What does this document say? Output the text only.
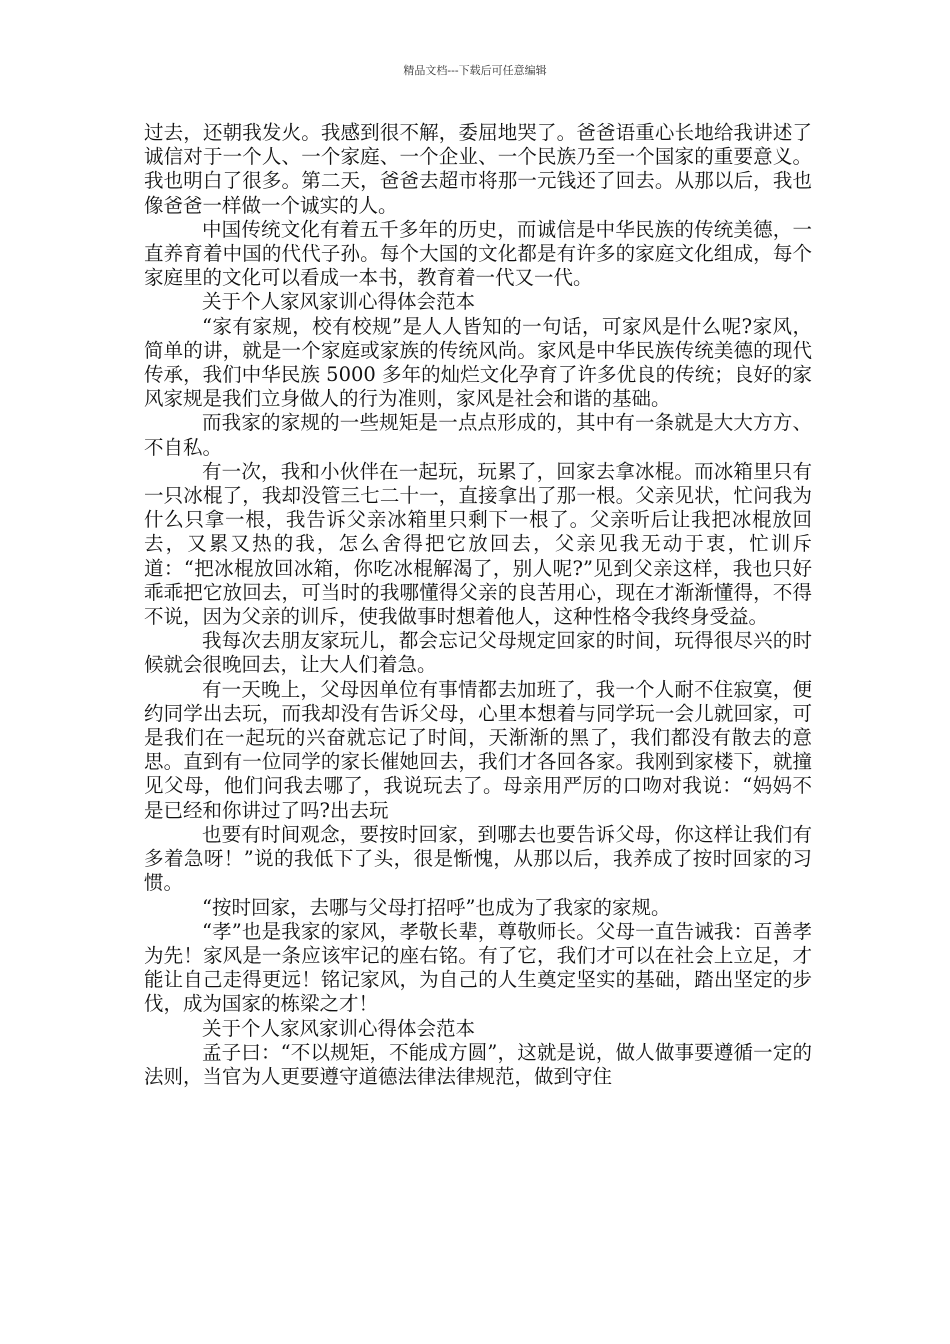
精品文档---下载后可任意编辑

过去，还朝我发火。我感到很不解，委屈地哭了。爸爸语重心长地给我讲述了诚信对于一个人、一个家庭、一个企业、一个民族乃至一个国家的重要意义。我也明白了很多。第二天，爸爸去超市将那一元钱还了回去。从那以后，我也像爸爸一样做一个诚实的人。

中国传统文化有着五千多年的历史，而诚信是中华民族的传统美德，一直养育着中国的代代子孙。每个大国的文化都是有许多的家庭文化组成，每个家庭里的文化可以看成一本书，教育着一代又一代。

关于个人家风家训心得体会范本

“家有家规，校有校规”是人人皆知的一句话，可家风是什么呢?家风，简单的讲，就是一个家庭或家族的传统风尚。家风是中华民族传统美德的现代传承，我们中华民族 5000 多年的灿烂文化孕育了许多优良的传统；良好的家风家规是我们立身做人的行为准则，家风是社会和谐的基础。

而我家的家规的一些规矩是一点点形成的，其中有一条就是大大方方、不自私。

有一次，我和小伙伴在一起玩，玩累了，回家去拿冰棍。而冰箱里只有一只冰棍了，我却没管三七二十一，直接拿出了那一根。父亲见状，忙问我为什么只拿一根，我告诉父亲冰箱里只剩下一根了。父亲听后让我把冰棍放回去，又累又热的我，怎么舍得把它放回去，父亲见我无动于衷，忙训斥道：“把冰棍放回冰箱，你吃冰棍解渴了，别人呢?”见到父亲这样，我也只好乖乖把它放回去，可当时的我哪懂得父亲的良苦用心，现在才渐渐懂得，不得不说，因为父亲的训斥，使我做事时想着他人，这种性格令我终身受益。

我每次去朋友家玩儿，都会忘记父母规定回家的时间，玩得很尽兴的时候就会很晚回去，让大人们着急。

有一天晚上，父母因单位有事情都去加班了，我一个人耐不住寂寞，便约同学出去玩，而我却没有告诉父母，心里本想着与同学玩一会儿就回家，可是我们在一起玩的兴奋就忘记了时间，天渐渐的黑了，我们都没有散去的意思。直到有一位同学的家长催她回去，我们才各回各家。我刚到家楼下，就撞见父母，他们问我去哪了，我说玩去了。母亲用严厉的口吻对我说：“妈妈不是已经和你讲过了吗?出去玩

也要有时间观念，要按时回家，到哪去也要告诉父母，你这样让我们有多着急呀！”说的我低下了头，很是惭愧，从那以后，我养成了按时回家的习惯。

“按时回家，去哪与父母打招呼”也成为了我家的家规。

“孝”也是我家的家风，孝敬长辈，尊敬师长。父母一直告诫我：百善孝为先！家风是一条应该牢记的座右铭。有了它，我们才可以在社会上立足，才能让自己走得更远！铭记家风，为自己的人生奠定坚实的基础，踏出坚定的步伐，成为国家的栋梁之才！

关于个人家风家训心得体会范本

孟子曰：“不以规矩，不能成方圆”，这就是说，做人做事要遵循一定的法则，当官为人更要遵守道德法律法律规范，做到守住
